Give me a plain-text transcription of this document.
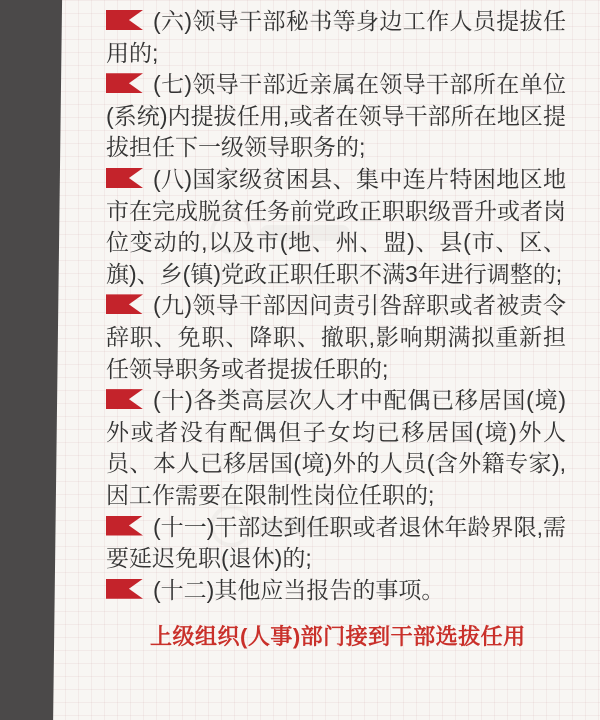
(六)领导干部秘书等身边工作人员提拔任用的;

(七)领导干部近亲属在领导干部所在单位(系统)内提拔任用,或者在领导干部所在地区提拔担任下一级领导职务的;

(八)国家级贫困县、集中连片特困地区地市在完成脱贫任务前党政正职职级晋升或者岗位变动的,以及市(地、州、盟)、县(市、区、旗)、乡(镇)党政正职任职不满3年进行调整的;

(九)领导干部因问责引咎辞职或者被责令辞职、免职、降职、撤职,影响期满拟重新担任领导职务或者提拔任职的;

(十)各类高层次人才中配偶已移居国(境)外或者没有配偶但子女均已移居国(境)外人员、本人已移居国(境)外的人员(含外籍专家),因工作需要在限制性岗位任职的;

(十一)干部达到任职或者退休年龄界限,需要延迟免职(退休)的;

(十二)其他应当报告的事项。

上级组织(人事)部门接到干部选拔任用
